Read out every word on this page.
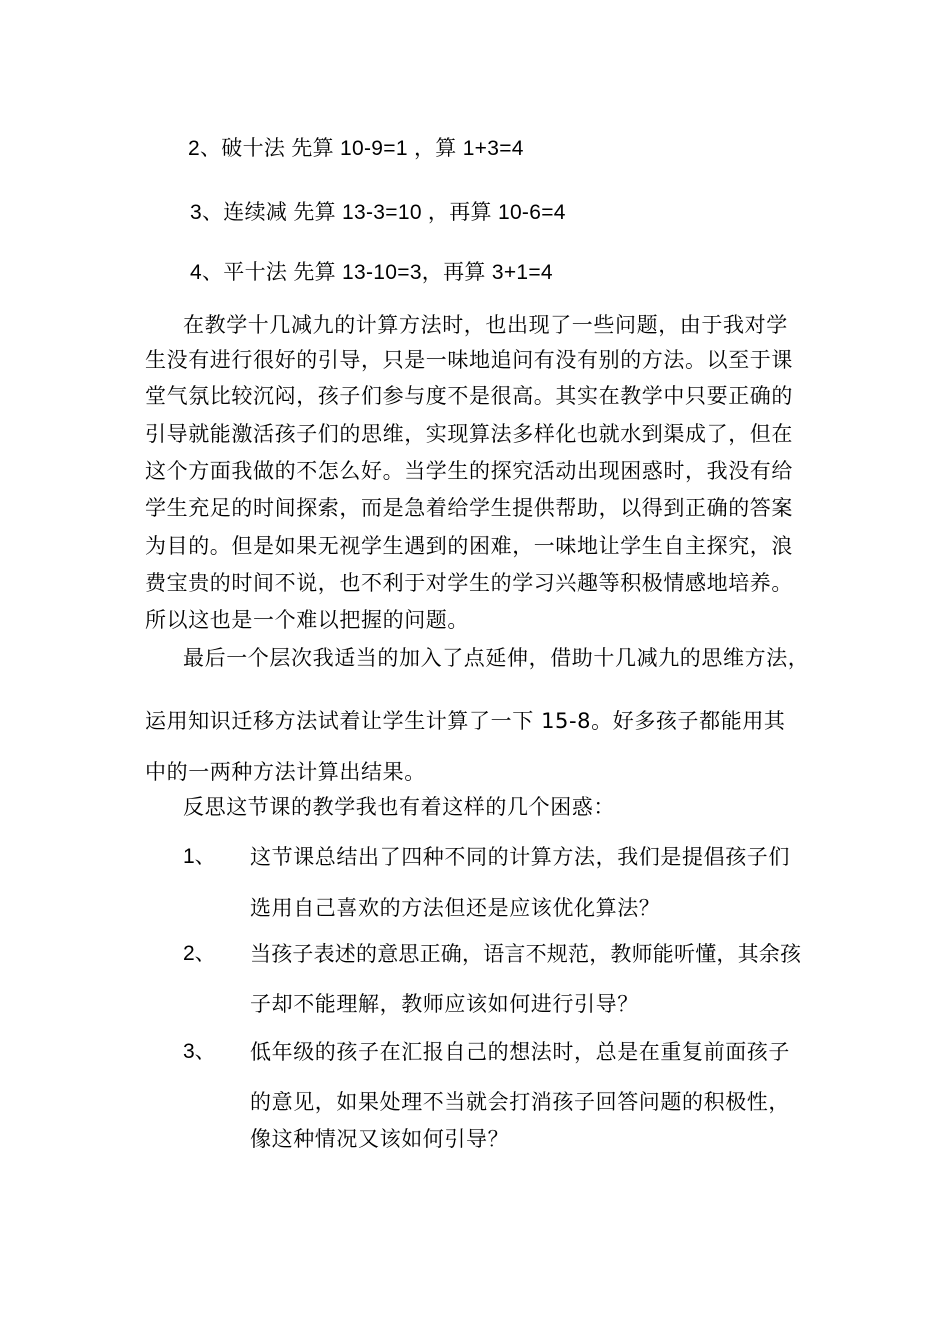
2、破十法 先算 10-9=1 ，算 1+3=4
3、连续减 先算 13-3=10 ，再算 10-6=4
4、平十法 先算 13-10=3，再算 3+1=4
在教学十几减九的计算方法时，也出现了一些问题，由于我对学
生没有进行很好的引导，只是一味地追问有没有别的方法。以至于课
堂气氛比较沉闷，孩子们参与度不是很高。其实在教学中只要正确的
引导就能激活孩子们的思维，实现算法多样化也就水到渠成了，但在
这个方面我做的不怎么好。当学生的探究活动出现困惑时，我没有给
学生充足的时间探索，而是急着给学生提供帮助，以得到正确的答案
为目的。但是如果无视学生遇到的困难，一味地让学生自主探究，浪
费宝贵的时间不说，也不利于对学生的学习兴趣等积极情感地培养。
所以这也是一个难以把握的问题。
最后一个层次我适当的加入了点延伸，借助十几减九的思维方法，
运用知识迁移方法试着让学生计算了一下 15-8。好多孩子都能用其
中的一两种方法计算出结果。
反思这节课的教学我也有着这样的几个困惑：
1、 这节课总结出了四种不同的计算方法，我们是提倡孩子们
选用自己喜欢的方法但还是应该优化算法？
2、 当孩子表述的意思正确，语言不规范，教师能听懂，其余孩
子却不能理解，教师应该如何进行引导？
3、 低年级的孩子在汇报自己的想法时，总是在重复前面孩子
的意见，如果处理不当就会打消孩子回答问题的积极性，
像这种情况又该如何引导？
